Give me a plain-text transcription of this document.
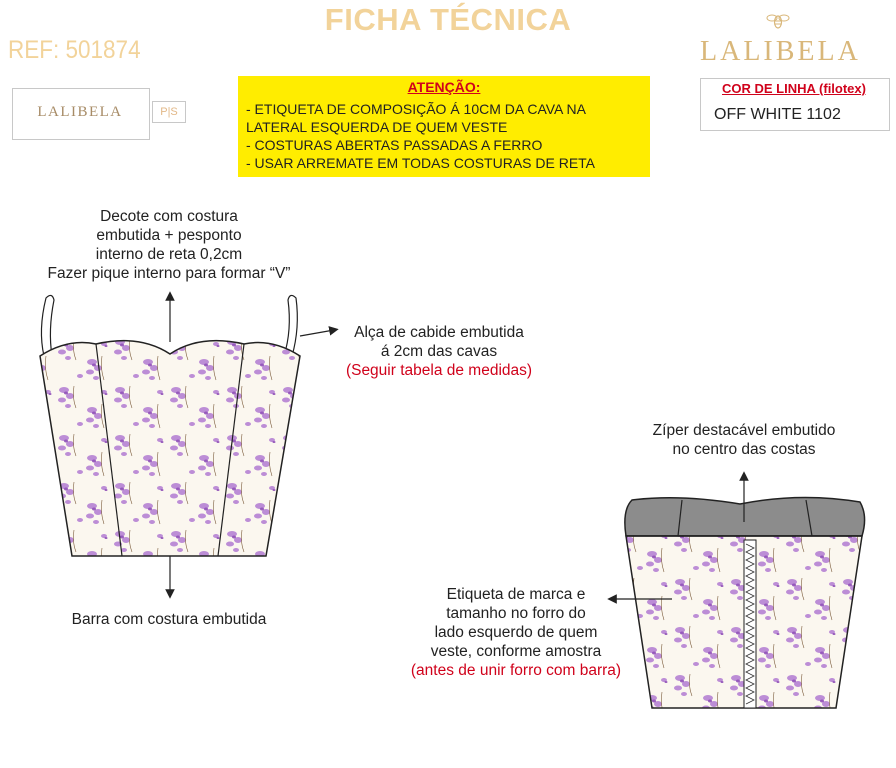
FICHA TÉCNICA
REF: 501874	LALIBELA
LALIBELA	P|S
ATENÇÃO:
- ETIQUETA DE COMPOSIÇÃO Á 10CM DA CAVA NA
LATERAL ESQUERDA DE QUEM VESTE
- COSTURAS ABERTAS PASSADAS A FERRO
- USAR ARREMATE EM TODAS COSTURAS DE RETA
COR DE LINHA (filotex)
OFF WHITE 1102
Decote com costura
embutida + pesponto
interno de reta 0,2cm
Fazer pique interno para formar “V”
Alça de cabide embutida
á 2cm das cavas
(Seguir tabela de medidas)
Barra com costura embutida
Zíper destacável embutido
no centro das costas
Etiqueta de marca e
tamanho no forro do
lado esquerdo de quem
veste, conforme amostra
(antes de unir forro com barra)
